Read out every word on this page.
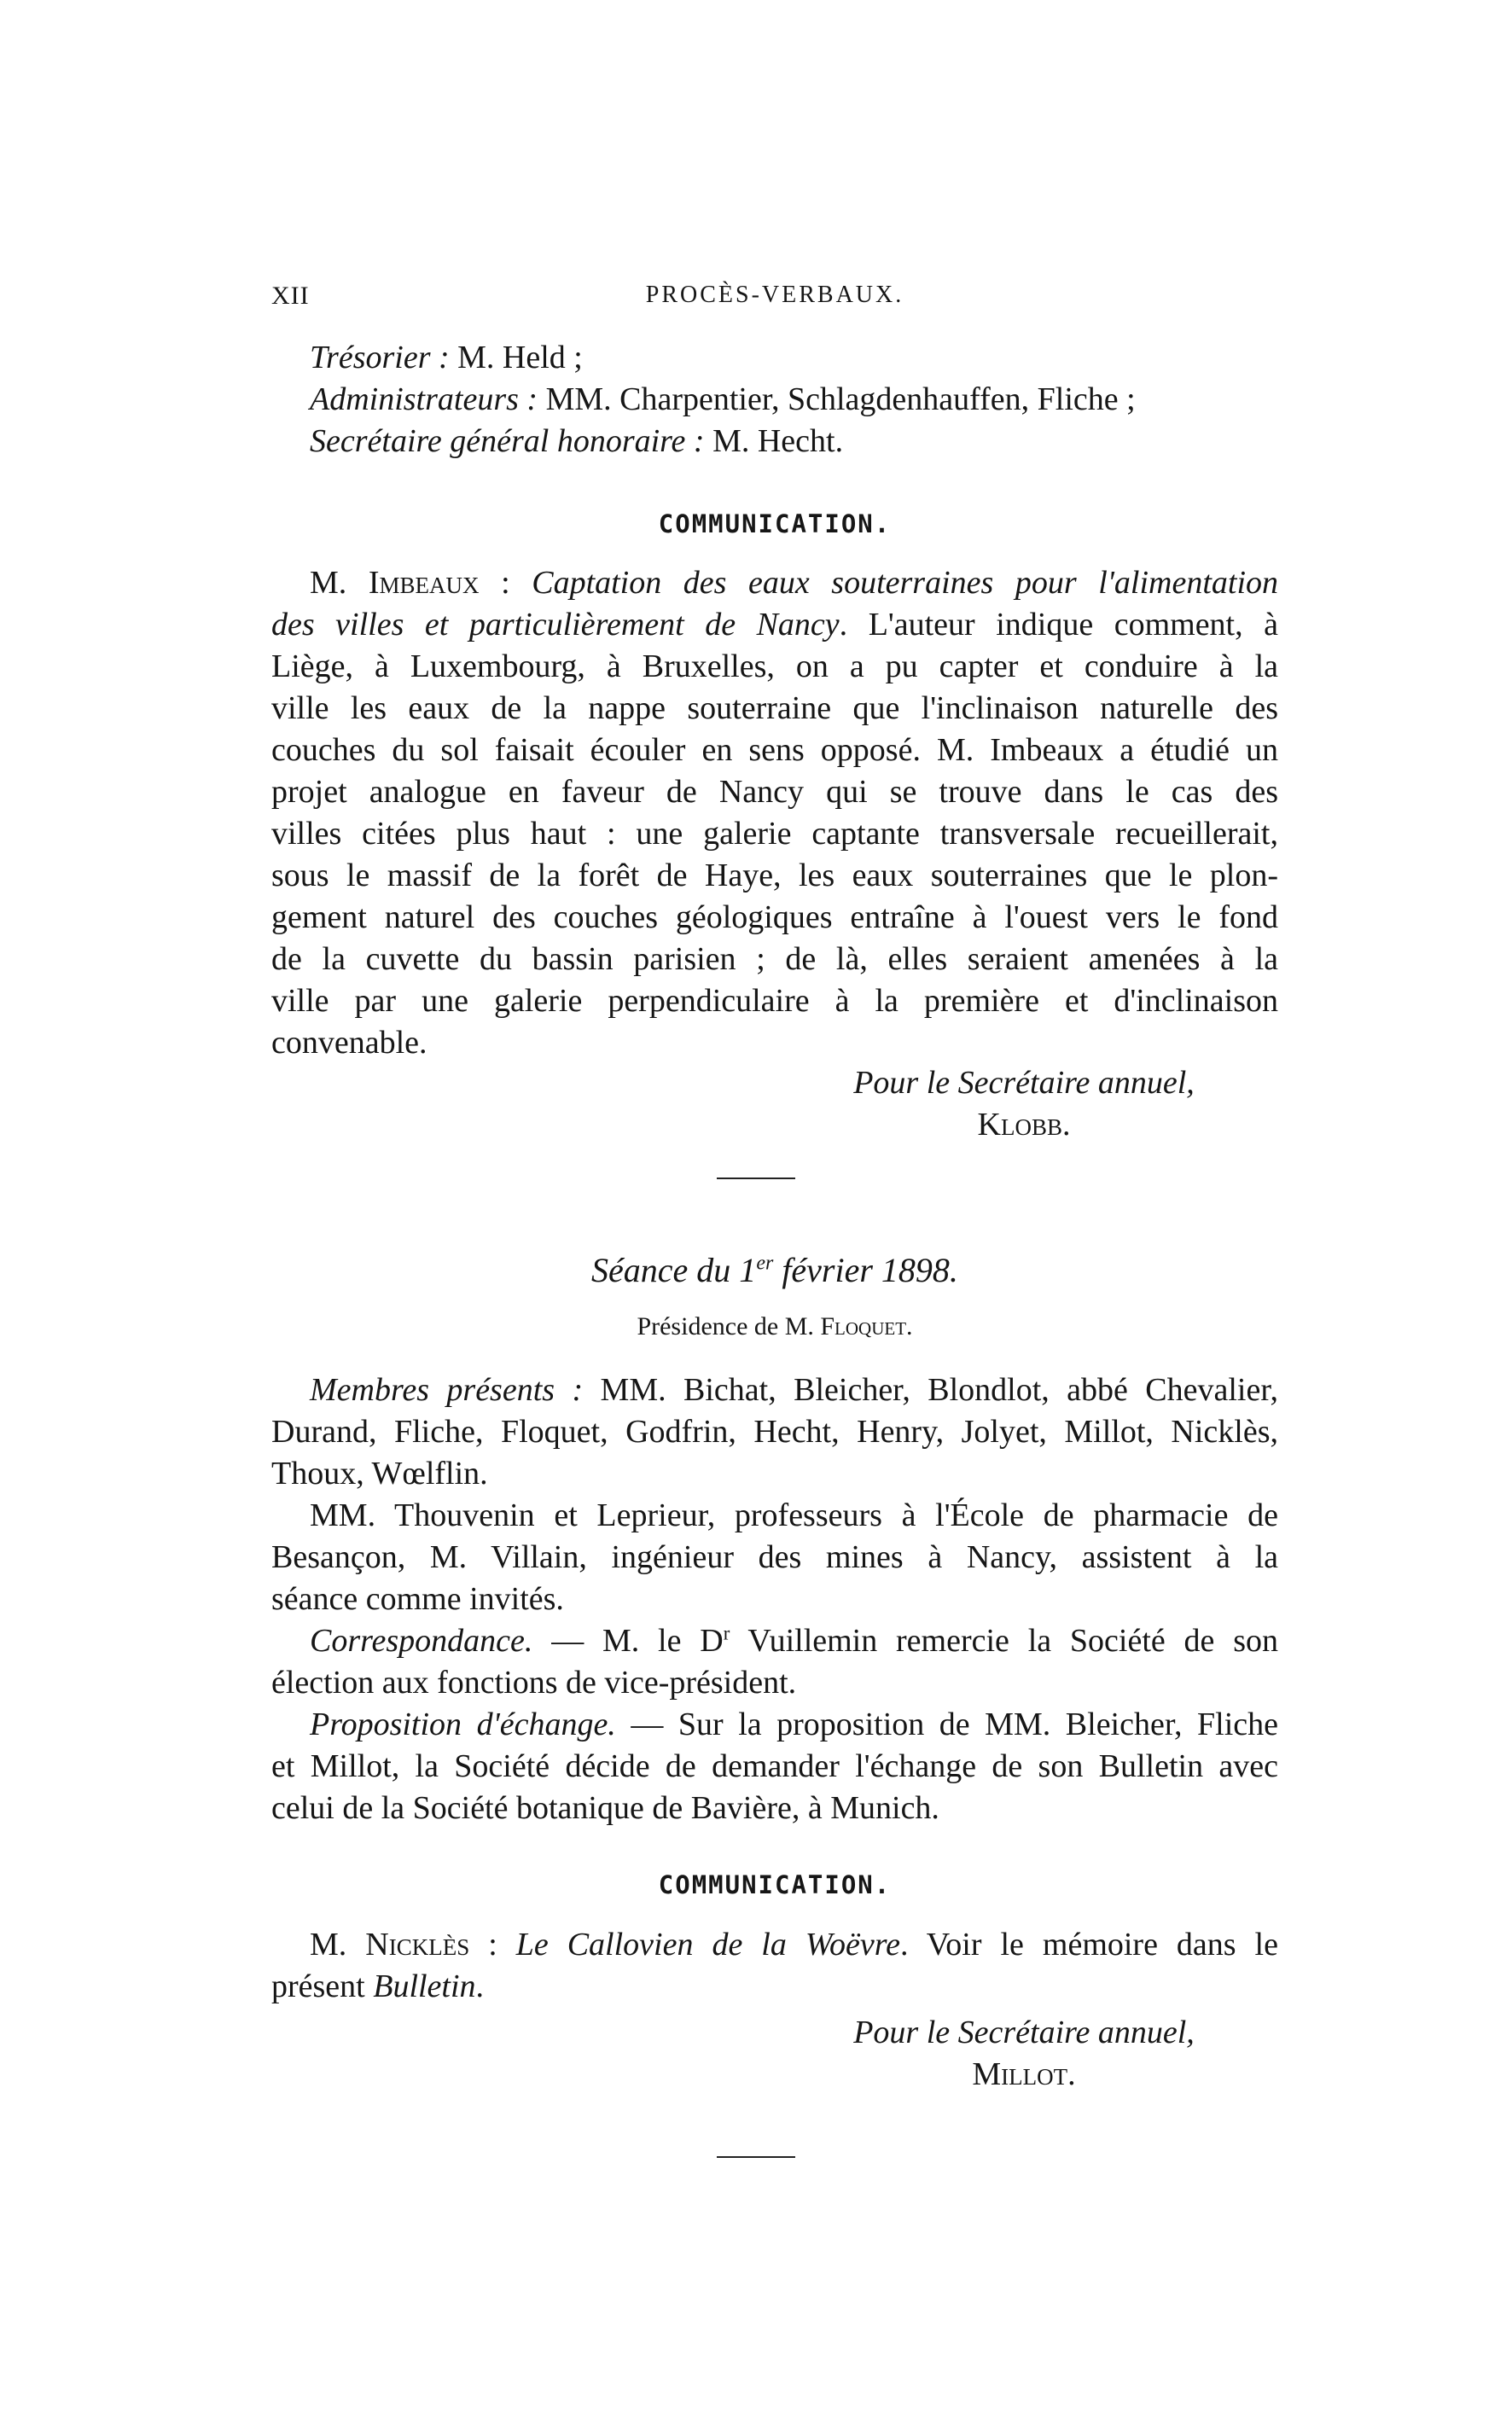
XII	PROCÈS-VERBAUX.
Trésorier : M. Held ;
Administrateurs : MM. Charpentier, Schlagdenhauffen, Fliche ;
Secrétaire général honoraire : M. Hecht.
COMMUNICATION.
M. Imbeaux : Captation des eaux souterraines pour l'alimentation
des villes et particulièrement de Nancy. L'auteur indique comment, à
Liège, à Luxembourg, à Bruxelles, on a pu capter et conduire à la
ville les eaux de la nappe souterraine que l'inclinaison naturelle des
couches du sol faisait écouler en sens opposé. M. Imbeaux a étudié un
projet analogue en faveur de Nancy qui se trouve dans le cas des
villes citées plus haut : une galerie captante transversale recueillerait,
sous le massif de la forêt de Haye, les eaux souterraines que le plon-
gement naturel des couches géologiques entraîne à l'ouest vers le fond
de la cuvette du bassin parisien ; de là, elles seraient amenées à la
ville par une galerie perpendiculaire à la première et d'inclinaison
convenable.
Pour le Secrétaire annuel,
Klobb.
Séance du 1er février 1898.
Présidence de M. Floquet.
Membres présents : MM. Bichat, Bleicher, Blondlot, abbé Chevalier,
Durand, Fliche, Floquet, Godfrin, Hecht, Henry, Jolyet, Millot, Nicklès,
Thoux, Wœlflin.
MM. Thouvenin et Leprieur, professeurs à l'École de pharmacie de
Besançon, M. Villain, ingénieur des mines à Nancy, assistent à la
séance comme invités.
Correspondance. — M. le $D^r$ Vuillemin remercie la Société de son
élection aux fonctions de vice-président.
Proposition d'échange. — Sur la proposition de MM. Bleicher, Fliche
et Millot, la Société décide de demander l'échange de son Bulletin avec
celui de la Société botanique de Bavière, à Munich.
COMMUNICATION.
M. Nicklès : Le Callovien de la Woëvre. Voir le mémoire dans le
présent Bulletin.
Pour le Secrétaire annuel,
Millot.
